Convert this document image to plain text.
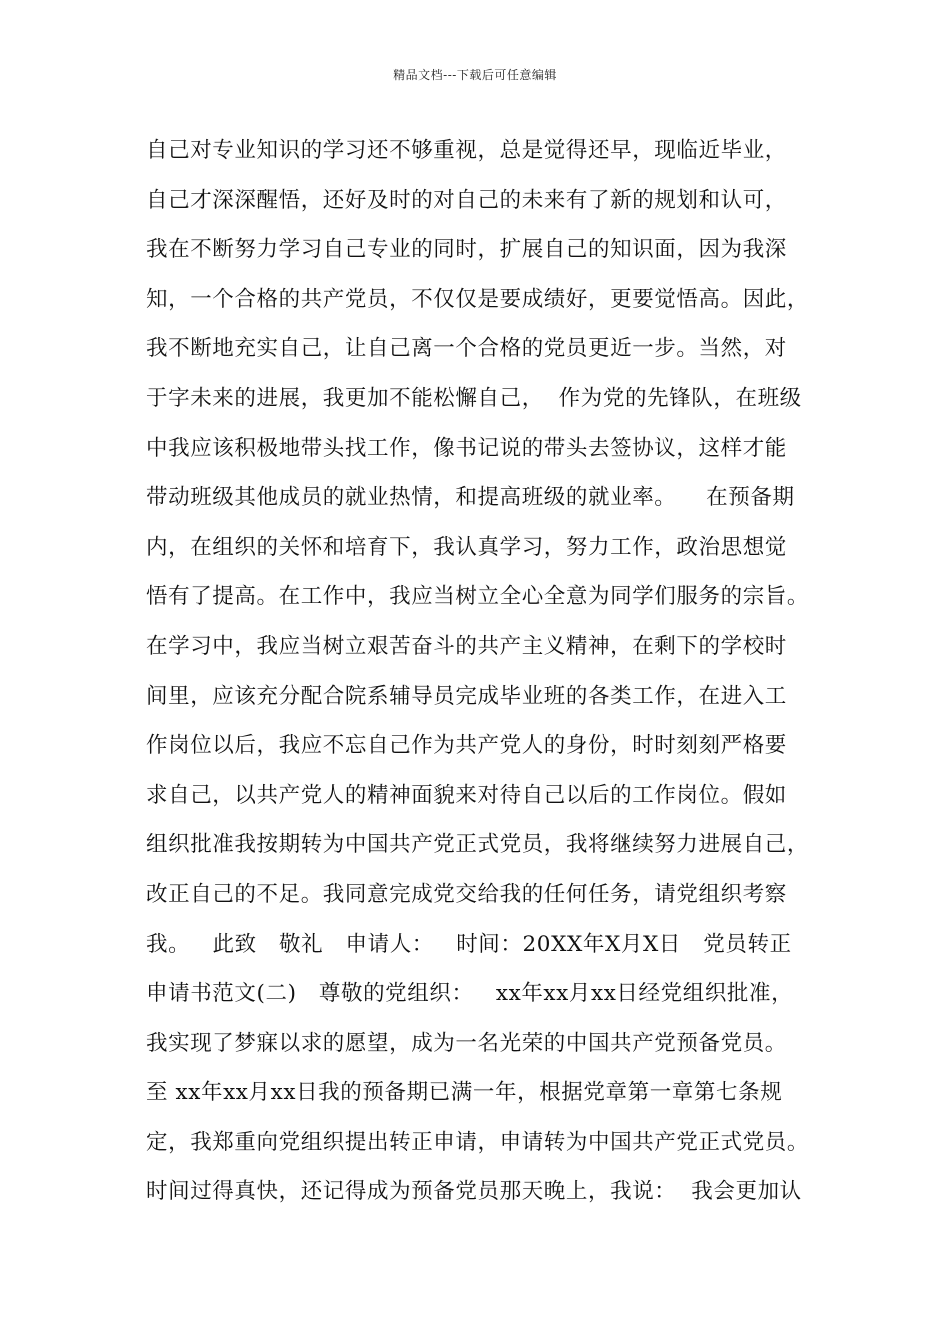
精品文档---下载后可任意编辑
自己对专业知识的学习还不够重视，总是觉得还早，现临近毕业，
自己才深深醒悟，还好及时的对自己的未来有了新的规划和认可，
我在不断努力学习自己专业的同时，扩展自己的知识面，因为我深
知，一个合格的共产党员，不仅仅是要成绩好，更要觉悟高。因此，
我不断地充实自己，让自己离一个合格的党员更近一步。当然，对
于字未来的进展，我更加不能松懈自己，  作为党的先锋队，在班级
中我应该积极地带头找工作，像书记说的带头去签协议，这样才能
带动班级其他成员的就业热情，和提高班级的就业率。    在预备期
内，在组织的关怀和培育下，我认真学习，努力工作，政治思想觉
悟有了提高。在工作中，我应当树立全心全意为同学们服务的宗旨。
在学习中，我应当树立艰苦奋斗的共产主义精神，在剩下的学校时
间里，应该充分配合院系辅导员完成毕业班的各类工作，在进入工
作岗位以后，我应不忘自己作为共产党人的身份，时时刻刻严格要
求自己，以共产党人的精神面貌来对待自己以后的工作岗位。假如
组织批准我按期转为中国共产党正式党员，我将继续努力进展自己，
改正自己的不足。我同意完成党交给我的任何任务，请党组织考察
我。   此致   敬礼   申请人：   时间：20XX年X月X日   党员转正
申请书范文(二)   尊敬的党组织：   xx年xx月xx日经党组织批准，
我实现了梦寐以求的愿望，成为一名光荣的中国共产党预备党员。
至 xx年xx月xx日我的预备期已满一年，根据党章第一章第七条规
定，我郑重向党组织提出转正申请，申请转为中国共产党正式党员。
时间过得真快，还记得成为预备党员那天晚上，我说：  我会更加认
